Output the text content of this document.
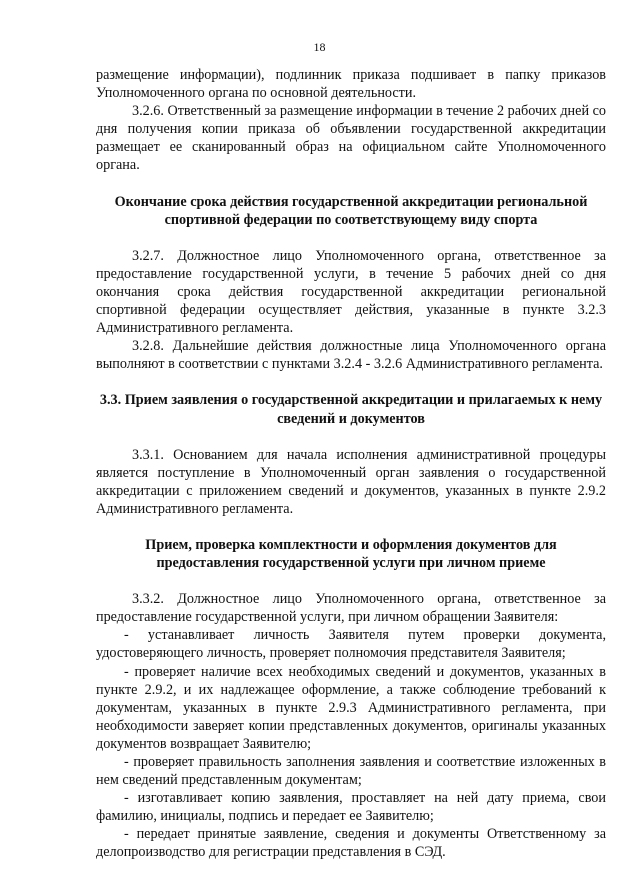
18

размещение информации), подлинник приказа подшивает в папку приказов Уполномоченного органа по основной деятельности.

3.2.6. Ответственный за размещение информации в течение 2 рабочих дней со дня получения копии приказа об объявлении государственной аккредитации размещает ее сканированный образ на официальном сайте Уполномоченного органа.

Окончание срока действия государственной аккредитации региональной спортивной федерации по соответствующему виду спорта

3.2.7. Должностное лицо Уполномоченного органа, ответственное за предоставление государственной услуги, в течение 5 рабочих дней со дня окончания срока действия государственной аккредитации региональной спортивной федерации осуществляет действия, указанные в пункте 3.2.3 Административного регламента.

3.2.8. Дальнейшие действия должностные лица Уполномоченного органа выполняют в соответствии с пунктами 3.2.4 - 3.2.6 Административного регламента.

3.3. Прием заявления о государственной аккредитации и прилагаемых к нему сведений и документов

3.3.1. Основанием для начала исполнения административной процедуры является поступление в Уполномоченный орган заявления о государственной аккредитации с приложением сведений и документов, указанных в пункте 2.9.2 Административного регламента.

Прием, проверка комплектности и оформления документов для предоставления государственной услуги при личном приеме

3.3.2. Должностное лицо Уполномоченного органа, ответственное за предоставление государственной услуги, при личном обращении Заявителя:

- устанавливает личность Заявителя путем проверки документа, удостоверяющего личность, проверяет полномочия представителя Заявителя;

- проверяет наличие всех необходимых сведений и документов, указанных в пункте 2.9.2, и их надлежащее оформление, а также соблюдение требований к документам, указанных в пункте 2.9.3 Административного регламента, при необходимости заверяет копии представленных документов, оригиналы указанных документов возвращает Заявителю;

- проверяет правильность заполнения заявления и соответствие изложенных в нем сведений представленным документам;

- изготавливает копию заявления, проставляет на ней дату приема, свои фамилию, инициалы, подпись и передает ее Заявителю;

- передает принятые заявление, сведения и документы Ответственному за делопроизводство для регистрации представления в СЭД.
